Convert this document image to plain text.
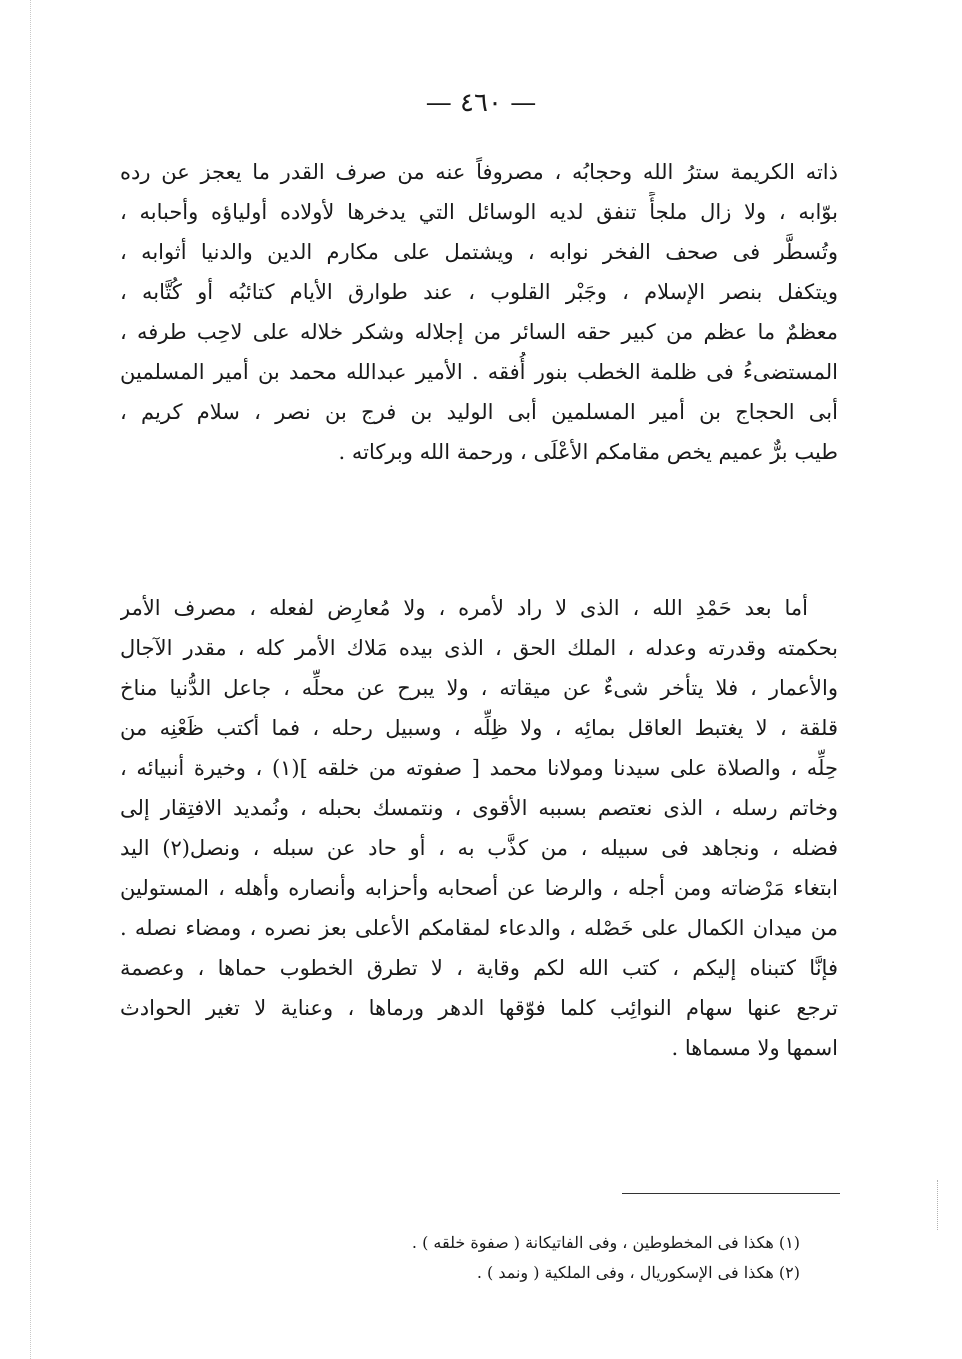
— ٤٦٠ —
ذاته الكريمة سترُ الله وحجابُه ، مصروفاً عنه من صرف القدر ما يعجز عن رده
بوّابه ، ولا زال ملجأً تنفق لديه الوسائل التي يدخرها لأولاده أولياؤه وأحبابه ،
وتُسطَّر فى صحف الفخر نوابه ، ويشتمل على مكارم الدين والدنيا أثوابه ،
ويتكفل بنصر الإسلام ، وجَبْر القلوب ، عند طوارق الأيام كتائبُه أو كُتَّابه ،
معظمٌ ما عظم من كبير حقه السائر من إجلاله وشكر خلاله على لاحِب طرفه ،
المستضىءُ فى ظلمة الخطب بنور أُفقه . الأمير عبدالله محمد بن أمير المسلمين
أبى الحجاج بن أمير المسلمين أبى الوليد بن فرج بن نصر ، سلام كريم ،
طيب برٌّ عميم يخص مقامكم الأعْلَى ، ورحمة الله وبركاته .
أما بعد حَمْدِ الله ، الذى لا راد لأمره ، ولا مُعارِض لفعله ، مصرف الأمر
بحكمته وقدرته وعدله ، الملك الحق ، الذى بيده مَلاك الأمر كله ، مقدر الآجال
والأعمار ، فلا يتأخر شىءٌ عن ميقاته ، ولا يبرح عن محلِّه ، جاعل الدُّنيا مناخ
قلقة ، لا يغتبط العاقل بمائِه ، ولا ظِلِّه ، وسبيل رحله ، فما أكتب ظَعْنِه من
حِلِّه ، والصلاة على سيدنا ومولانا محمد [ صفوته من خلقه ](١) ، وخيرة أنبيائه ،
وخاتم رسله ، الذى نعتصم بسببه الأقوى ، ونتمسك بحبله ، ونُمديد الافتِقار إلى
فضله ، ونجاهد فى سبيله ، من كذَّب به ، أو حاد عن سبله ، ونصل(٢) اليد
ابتغاء مَرْضاته ومن أجله ، والرضا عن أصحابه وأحزابه وأنصاره وأهله ، المستولين
من ميدان الكمال على خَصْله ، والدعاء لمقامكم الأعلى بعز نصره ، ومضاء نصله .
فإنَّا كتبناه إليكم ، كتب الله لكم وقاية ، لا تطرق الخطوب حماها ، وعصمة
ترجع عنها سهام النوائِب كلما فوّقها الدهر ورماها ، وعناية لا تغير الحوادث
اسمها ولا مسماها .
(١) هكذا فى المخطوطين ، وفى الفاتيكانة ( صفوة خلقه ) .
(٢) هكذا فى الإسكوريال ، وفى الملكية ( ونمد ) .
